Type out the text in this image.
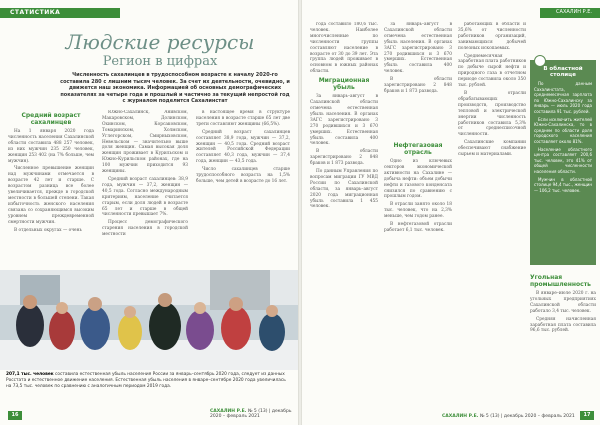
СТАТИСТИКА
Людские ресурсы
Регион в цифрах
Численность сахалинцев в трудоспособном возрасте к началу 2020-го составила 280 с лишним тысяч человек. За счет их деятельности, очевидно, и движется наш экономика. Информацией об основных демографических показателях за четыре года и прошлый и частично за текущий непростой год с журналом поделится Сахалинстат
Средний возраст сахалинцев

На 1 января 2020 года численность населения Сахалинской области составила 488 257 человек, из них мужчин 235 250 человек, женщин 253 402 (на 7% больше, чем мужчин).

Численное превышение женщин над мужчинами отмечается в возрасте 42 лет и старше. С возрастом разница все более увеличивается, прежде в городской местности в большей степени. Такая избыточность женского населения связана со сохраняющимся высоким уровнем преждевременной смертности мужчин.

В отдельных округах — очень

Южно-Сахалинск, Анивском, Макаровском, Долинском, Охинском, Корсаковском, Томаринском, Холмском, Углегорском, Смирныховском, Невельском — значительно выше доля женщин. Самая высокая доля женщин проживает в Курильском и Южно-Курильском районах, где на 100 мужчин приходится 93 женщины.

Средний возраст сахалинцев: 38,9 года, мужчин — 37,2, женщин — 40,5 года. Согласно международным критериям, население считается старым, если доля людей в возрасте 65 лет и старше в общей численности превышает 7%.

Процесс демографического старения населения в городской местности

в настоящее время в структуре населения в возрасте старше 65 лет две трети составляют женщины (66,5%).

Средний возраст сахалинцев составляет 38,9 года, мужчин — 37,2, женщин — 40,5 года. Средний возраст жителей Российской Федерации составляет 40,3 года, мужчин — 37,4 года, женщин — 43,5 года.

Число сахалинцев старше трудоспособного возраста на 1,5% больше, чем детей в возрасте до 16 лет.

207,1 тыс. человек составила естественная убыль населения России за январь–сентябрь 2020 года, следует из данных Росстата и естественное движение населения. Естественная убыль населения в январе–сентябре 2020 года увеличилась на 73,5 тыс. человек по сравнению с аналогичным периодом 2019 года.
16
САХАЛИН Р.Е. № 5 (13) | декабрь 2020 – февраль 2021
САХАЛИН Р.Е.

года составило 180,6 тыс. человек. Наиболее многочисленные по численности группы составляют население в возрасте от 30 до 39 лет. Эта группа людей проживает в основном в южных районах области.

Миграционная убыль

За январь–август в Сахалинской области отмечена естественная убыль населения. В органах ЗАГС зарегистрировано 3 270 родившихся и 3 670 умерших. Естественная убыль составила 400 человек.

В области зарегистрировано 2 848 браков и 1 873 развода.

По данным Управления по вопросам миграции ГУ МВД России по Сахалинской области, за январь–август 2020 года миграционная убыль составила 1 455 человек.

Нефтегазовая отрасль

Одно из ключевых секторов экономической активности на Сахалине — добыча нефти: объем добычи нефти и газового конденсата снизился по сравнению с прошлым годом.

В отрасли занято около 18 тыс. человек, что на 2,3% меньше, чем годом ранее.

В нефтегазовой отрасли работает 6,1 тыс. человек.

работающих в области и 35,6% от численности работников организаций, занимающихся добычей полезных ископаемых.

Среднемесячная заработная плата работников по добыче сырой нефти и природного газа в отчетном периоде составила около 350 тыс. рублей.

В отрасли обрабатывающих производств, производство тепловой и электрической энергии численность работников составила 5,3% от среднесписочной численности.

Сахалинские компании обеспечивают снабжение сырьем и материалами.

За январь–август в Сахалинской области отмечена естественная убыль населения. В органах ЗАГС зарегистрировано 3 270 родившихся и 3 670 умерших. Естественная убыль составила 400 человек.

В области зарегистрировано 2 848 браков и 1 873 развода.

В областной столице

По данным Сахалинстата, среднемесячная зарплата по Южно-Сахалинску за январь — июль 2020 года составила 91 тыс. рублей.

Если исключить жителей Южно-Сахалинска, то в среднем по области доля городского населения составляет около 81%.

Население областного центра составляет 200,6 тыс. человек, это 41% от общей численности населения области.

Мужчин в областной столице 94,4 тыс., женщин — 106,2 тыс. человек.

Угольная промышленность

В январе–июле 2020 г. на угольных предприятиях Сахалинской области работало 3,4 тыс. человек.

Средняя начисленная заработная плата составила 96,6 тыс. рублей.

САХАЛИН Р.Е. № 5 (13) | декабрь 2020 – февраль 2021	17
